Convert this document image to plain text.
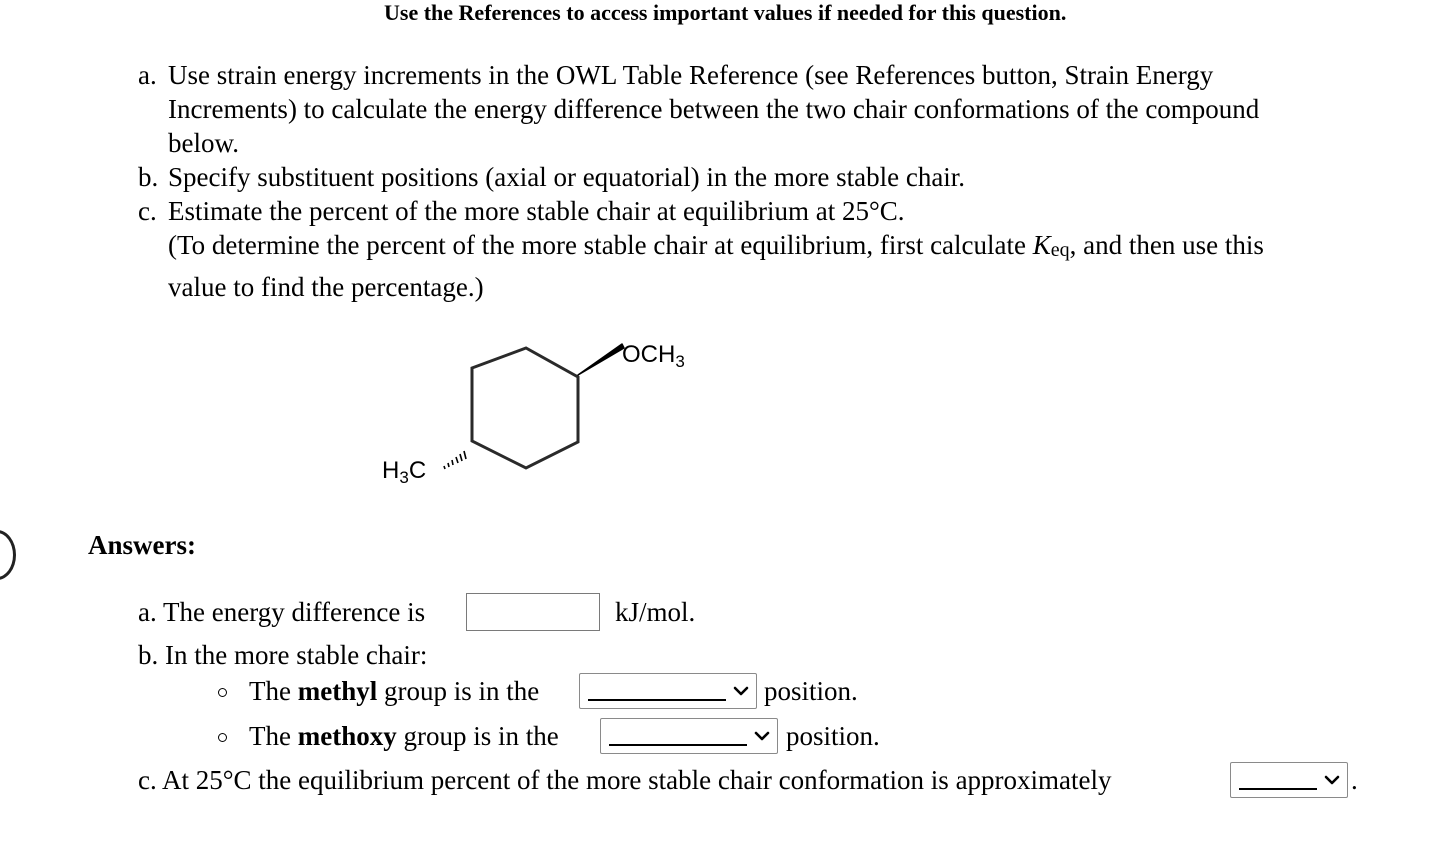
Use the References to access important values if needed for this question.
a. Use strain energy increments in the OWL Table Reference (see References button, Strain Energy
Increments) to calculate the energy difference between the two chair conformations of the compound
below.
b. Specify substituent positions (axial or equatorial) in the more stable chair.
c. Estimate the percent of the more stable chair at equilibrium at 25°C.
(To determine the percent of the more stable chair at equilibrium, first calculate $K_{eq}$, and then use this
value to find the percentage.)
$OCH_3$
$H_3C$
Answers:
a. The energy difference is	kJ/mol.
b. In the more stable chair:
The methyl group is in the	position.
The methoxy group is in the	position.
c. At 25°C the equilibrium percent of the more stable chair conformation is approximately	.
